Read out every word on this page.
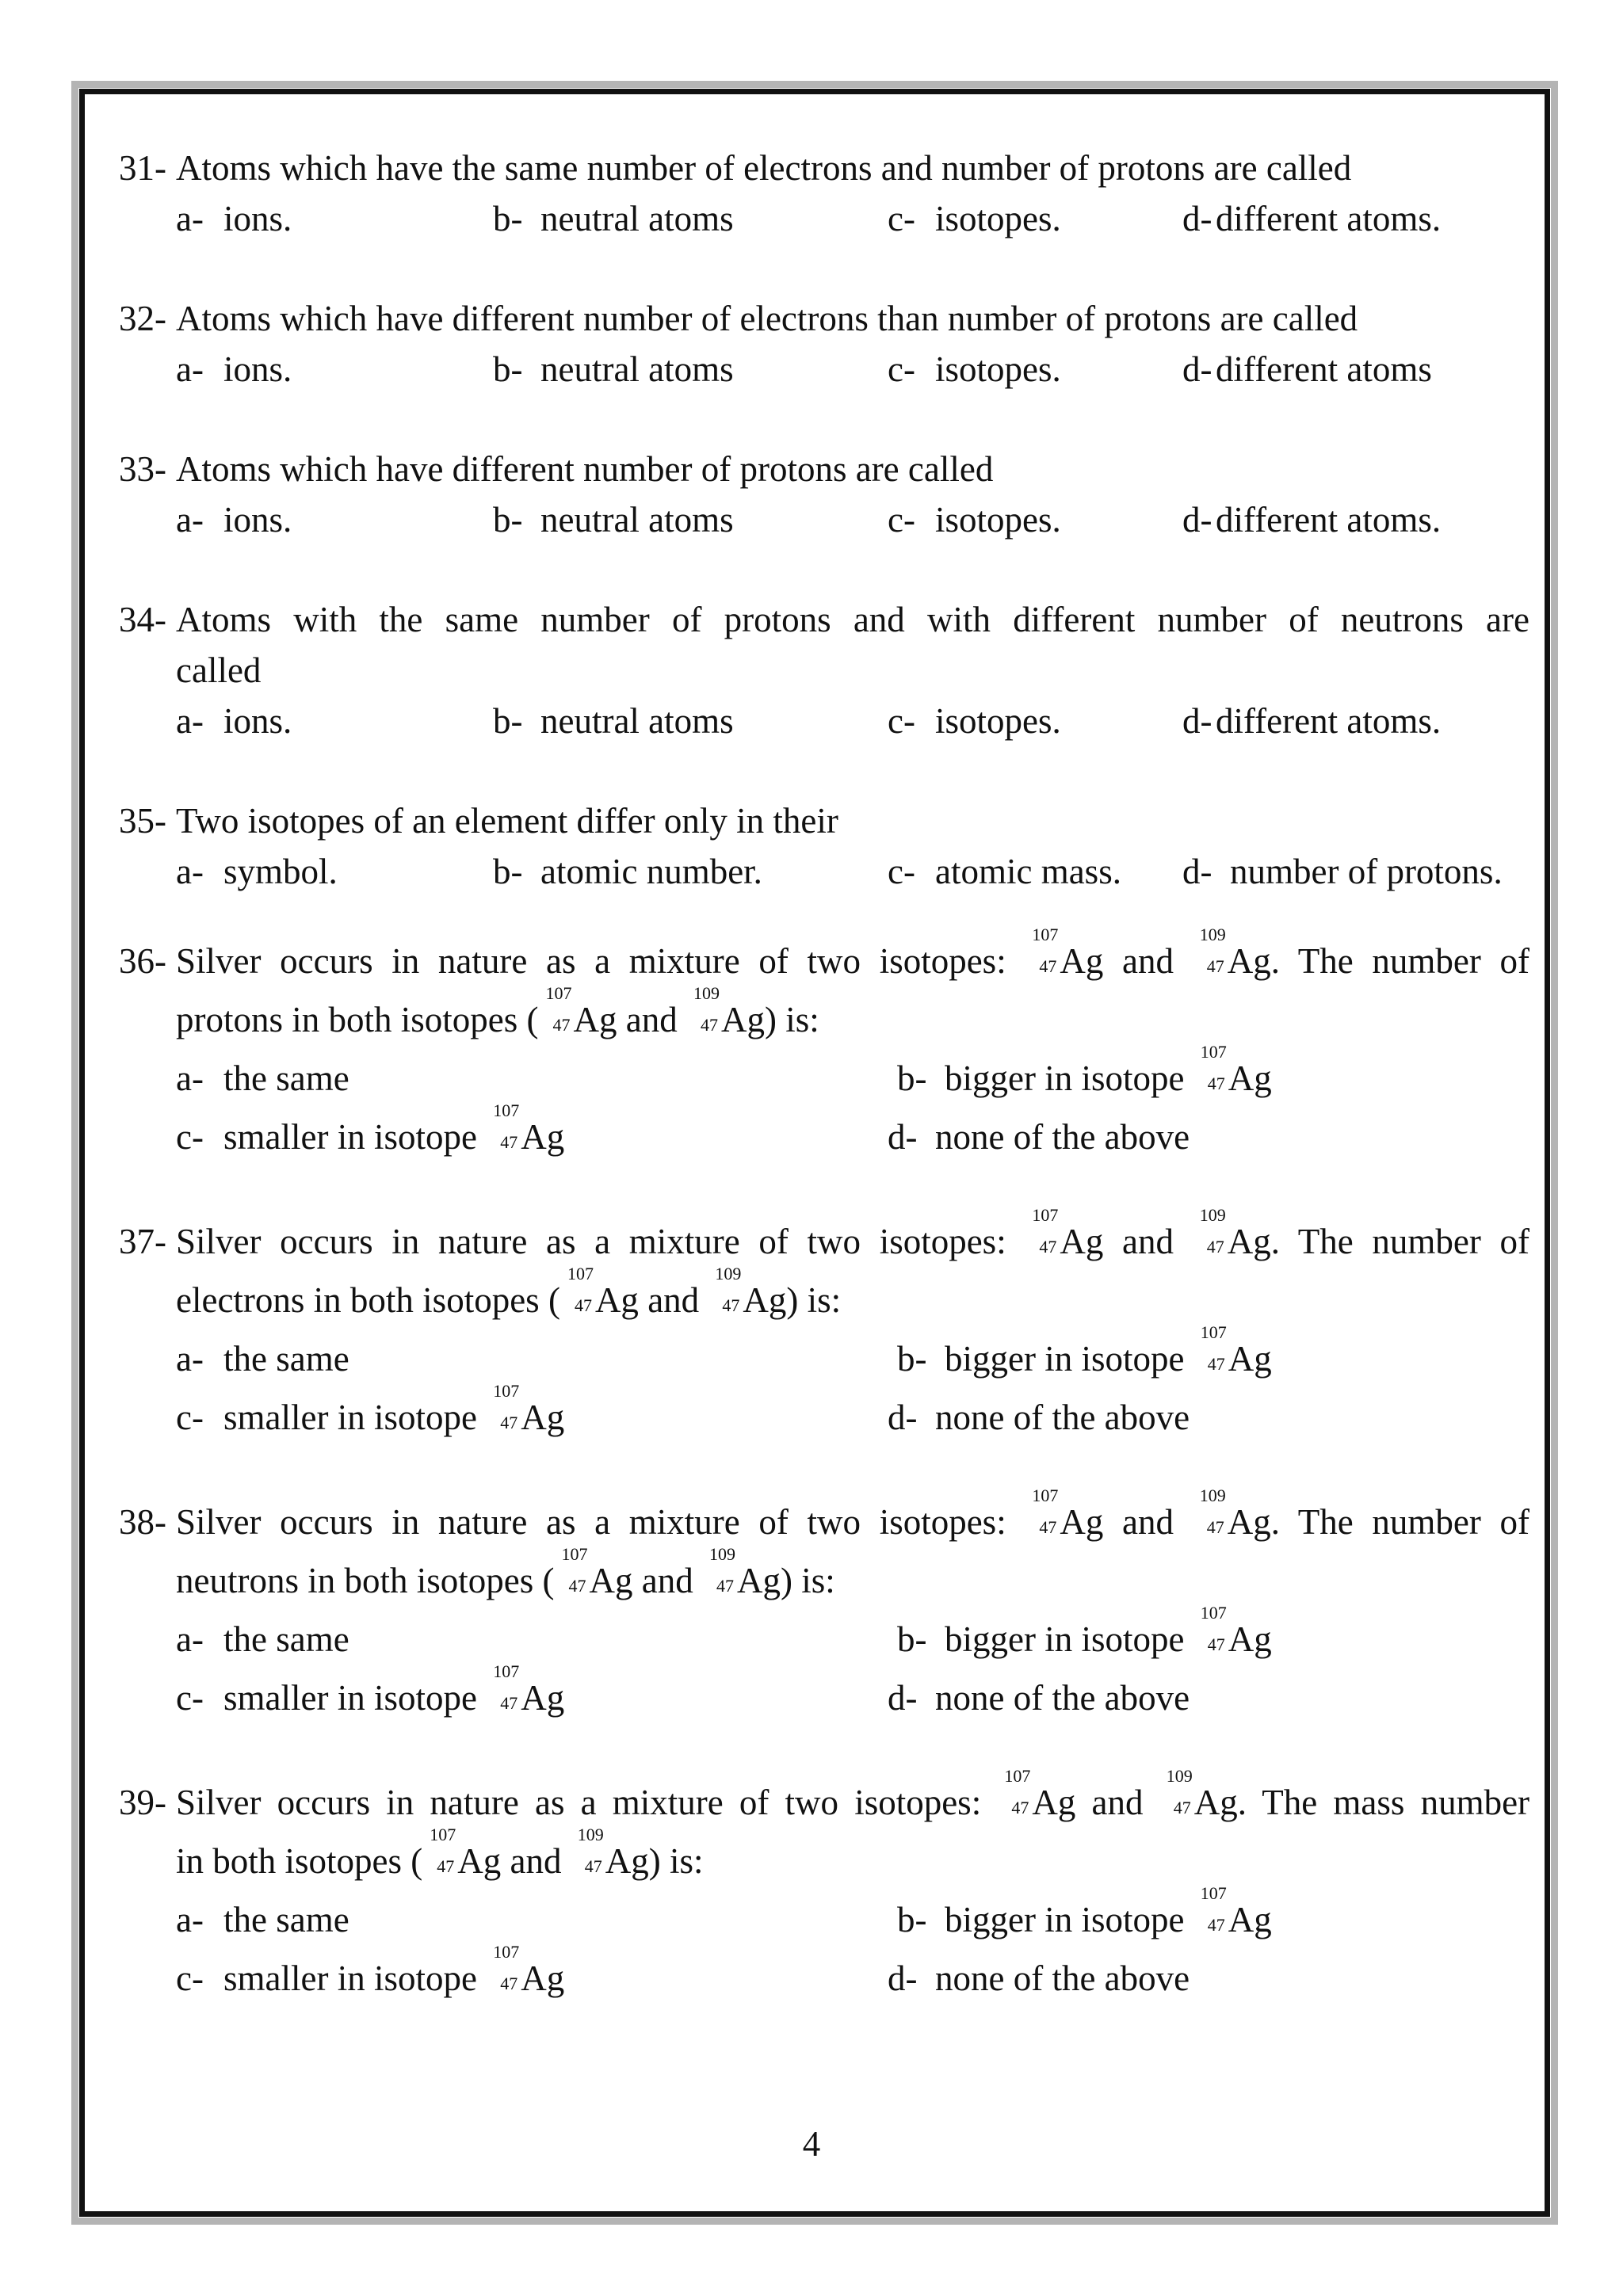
31- Atoms which have the same number of electrons and number of protons are called
a- ions.	b- neutral atoms	c- isotopes.	d- different atoms.
32- Atoms which have different number of electrons than number of protons are called
a- ions.	b- neutral atoms	c- isotopes.	d- different atoms
33- Atoms which have different number of protons are called
a- ions.	b- neutral atoms	c- isotopes.	d- different atoms.
34- Atoms with the same number of protons and with different number of neutrons are called
a- ions.	b- neutral atoms	c- isotopes.	d- different atoms.
35- Two isotopes of an element differ only in their
a- symbol.	b- atomic number.	c- atomic mass. d- number of protons.
36- Silver occurs in nature as a mixture of two isotopes:
107
47 Ag and
109
47 Ag. The number of
protons in both isotopes (
107
47 Ag and
109
47 Ag) is:
a- the same	b- bigger in isotope
107
47 Ag
c- smaller in isotope
107
47 Ag	d- none of the above
37- Silver occurs in nature as a mixture of two isotopes:
107
47 Ag and
109
47 Ag. The number of
electrons in both isotopes (
107
47 Ag and
109
47 Ag) is:
a- the same	b- bigger in isotope
107
47 Ag
c- smaller in isotope
107
47 Ag	d- none of the above
38- Silver occurs in nature as a mixture of two isotopes:
107
47 Ag and
109
47 Ag. The number of
neutrons in both isotopes (
107
47 Ag and
109
47 Ag) is:
a- the same	b- bigger in isotope
107
47 Ag
c- smaller in isotope
107
47 Ag	d- none of the above
39- Silver occurs in nature as a mixture of two isotopes:
107
47 Ag and
109
47 Ag. The mass number
in both isotopes (
107
47 Ag and
109
47 Ag) is:
a- the same	b- bigger in isotope
107
47 Ag
c- smaller in isotope
107
47 Ag	d- none of the above
4
